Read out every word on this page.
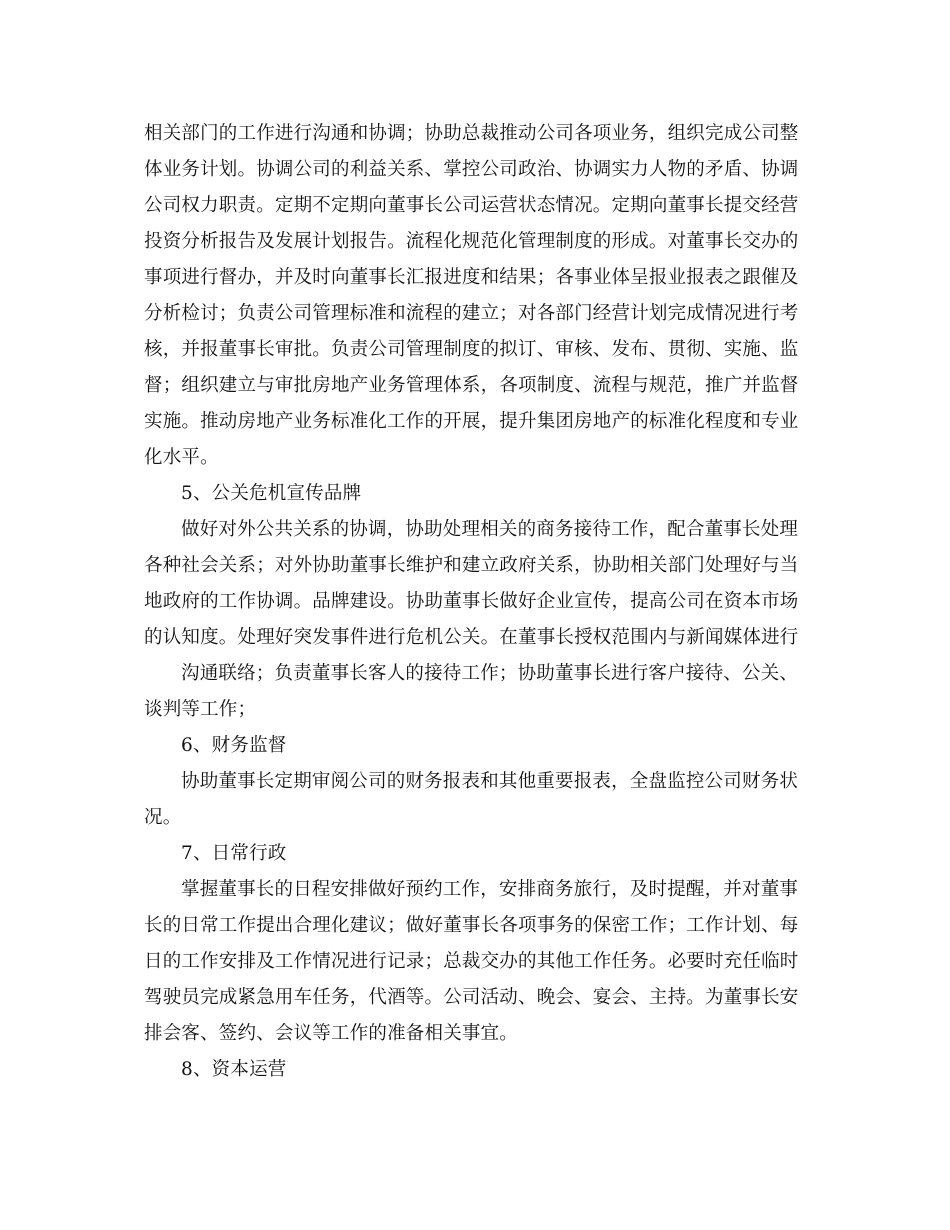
相关部门的工作进行沟通和协调；协助总裁推动公司各项业务，组织完成公司整
体业务计划。协调公司的利益关系、掌控公司政治、协调实力人物的矛盾、协调
公司权力职责。定期不定期向董事长公司运营状态情况。定期向董事长提交经营
投资分析报告及发展计划报告。流程化规范化管理制度的形成。对董事长交办的
事项进行督办，并及时向董事长汇报进度和结果；各事业体呈报业报表之跟催及
分析检讨；负责公司管理标准和流程的建立；对各部门经营计划完成情况进行考
核，并报董事长审批。负责公司管理制度的拟订、审核、发布、贯彻、实施、监
督；组织建立与审批房地产业务管理体系，各项制度、流程与规范，推广并监督
实施。推动房地产业务标准化工作的开展，提升集团房地产的标准化程度和专业
化水平。
5、公关危机宣传品牌
做好对外公共关系的协调，协助处理相关的商务接待工作，配合董事长处理
各种社会关系；对外协助董事长维护和建立政府关系，协助相关部门处理好与当
地政府的工作协调。品牌建设。协助董事长做好企业宣传，提高公司在资本市场
的认知度。处理好突发事件进行危机公关。在董事长授权范围内与新闻媒体进行
沟通联络；负责董事长客人的接待工作；协助董事长进行客户接待、公关、
谈判等工作；
6、财务监督
协助董事长定期审阅公司的财务报表和其他重要报表，全盘监控公司财务状
况。
7、日常行政
掌握董事长的日程安排做好预约工作，安排商务旅行，及时提醒，并对董事
长的日常工作提出合理化建议；做好董事长各项事务的保密工作；工作计划、每
日的工作安排及工作情况进行记录；总裁交办的其他工作任务。必要时充任临时
驾驶员完成紧急用车任务，代酒等。公司活动、晚会、宴会、主持。为董事长安
排会客、签约、会议等工作的准备相关事宜。
8、资本运营
